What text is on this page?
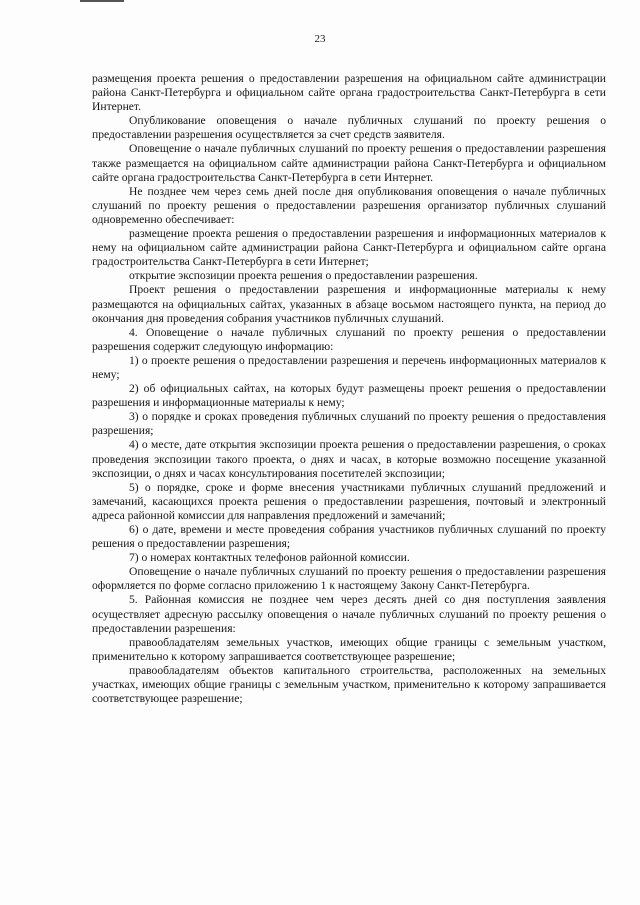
23

размещения проекта решения о предоставлении разрешения на официальном сайте администрации района Санкт-Петербурга и официальном сайте органа градостроительства Санкт-Петербурга в сети Интернет.

Опубликование оповещения о начале публичных слушаний по проекту решения о предоставлении разрешения осуществляется за счет средств заявителя.

Оповещение о начале публичных слушаний по проекту решения о предоставлении разрешения также размещается на официальном сайте администрации района Санкт-Петербурга и официальном сайте органа градостроительства Санкт-Петербурга в сети Интернет.

Не позднее чем через семь дней после дня опубликования оповещения о начале публичных слушаний по проекту решения о предоставлении разрешения организатор публичных слушаний одновременно обеспечивает:

размещение проекта решения о предоставлении разрешения и информационных материалов к нему на официальном сайте администрации района Санкт-Петербурга и официальном сайте органа градостроительства Санкт-Петербурга в сети Интернет;

открытие экспозиции проекта решения о предоставлении разрешения.

Проект решения о предоставлении разрешения и информационные материалы к нему размещаются на официальных сайтах, указанных в абзаце восьмом настоящего пункта, на период до окончания дня проведения собрания участников публичных слушаний.

4. Оповещение о начале публичных слушаний по проекту решения о предоставлении разрешения содержит следующую информацию:

1) о проекте решения о предоставлении разрешения и перечень информационных материалов к нему;

2) об официальных сайтах, на которых будут размещены проект решения о предоставлении разрешения и информационные материалы к нему;

3) о порядке и сроках проведения публичных слушаний по проекту решения о предоставления разрешения;

4) о месте, дате открытия экспозиции проекта решения о предоставлении разрешения, о сроках проведения экспозиции такого проекта, о днях и часах, в которые возможно посещение указанной экспозиции, о днях и часах консультирования посетителей экспозиции;

5) о порядке, сроке и форме внесения участниками публичных слушаний предложений и замечаний, касающихся проекта решения о предоставлении разрешения, почтовый и электронный адреса районной комиссии для направления предложений и замечаний;

6) о дате, времени и месте проведения собрания участников публичных слушаний по проекту решения о предоставлении разрешения;

7) о номерах контактных телефонов районной комиссии.

Оповещение о начале публичных слушаний по проекту решения о предоставлении разрешения оформляется по форме согласно приложению 1 к настоящему Закону Санкт-Петербурга.

5. Районная комиссия не позднее чем через десять дней со дня поступления заявления осуществляет адресную рассылку оповещения о начале публичных слушаний по проекту решения о предоставлении разрешения:

правообладателям земельных участков, имеющих общие границы с земельным участком, применительно к которому запрашивается соответствующее разрешение;

правообладателям объектов капитального строительства, расположенных на земельных участках, имеющих общие границы с земельным участком, применительно к которому запрашивается соответствующее разрешение;
